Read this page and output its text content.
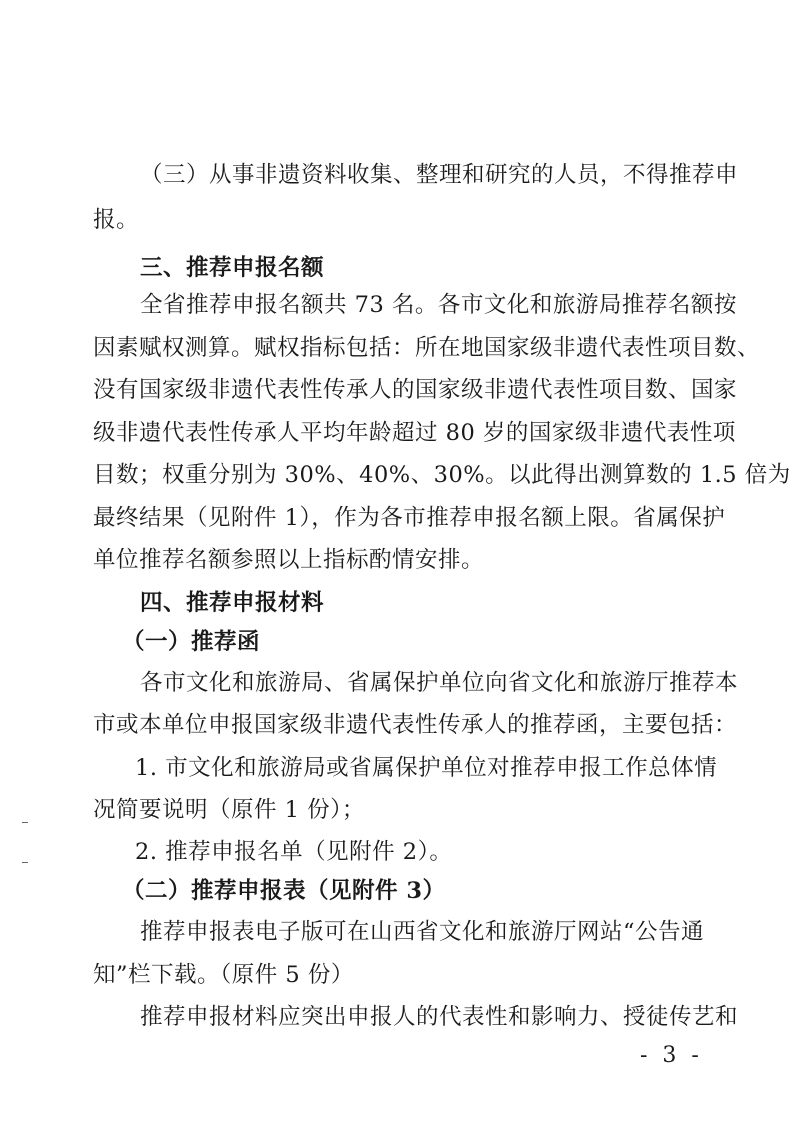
（三）从事非遗资料收集、整理和研究的人员，不得推荐申
报。
三、推荐申报名额
全省推荐申报名额共 73 名。各市文化和旅游局推荐名额按
因素赋权测算。赋权指标包括：所在地国家级非遗代表性项目数、
没有国家级非遗代表性传承人的国家级非遗代表性项目数、国家
级非遗代表性传承人平均年龄超过 80 岁的国家级非遗代表性项
目数；权重分别为 30%、40%、30%。以此得出测算数的 1.5 倍为
最终结果（见附件 1），作为各市推荐申报名额上限。省属保护
单位推荐名额参照以上指标酌情安排。
四、推荐申报材料
（一）推荐函
各市文化和旅游局、省属保护单位向省文化和旅游厅推荐本
市或本单位申报国家级非遗代表性传承人的推荐函，主要包括：
1. 市文化和旅游局或省属保护单位对推荐申报工作总体情
况简要说明（原件 1 份）；
2. 推荐申报名单（见附件 2）。
（二）推荐申报表（见附件 3）
推荐申报表电子版可在山西省文化和旅游厅网站“公告通
知”栏下载。（原件 5 份）
推荐申报材料应突出申报人的代表性和影响力、授徒传艺和
- 3 -
